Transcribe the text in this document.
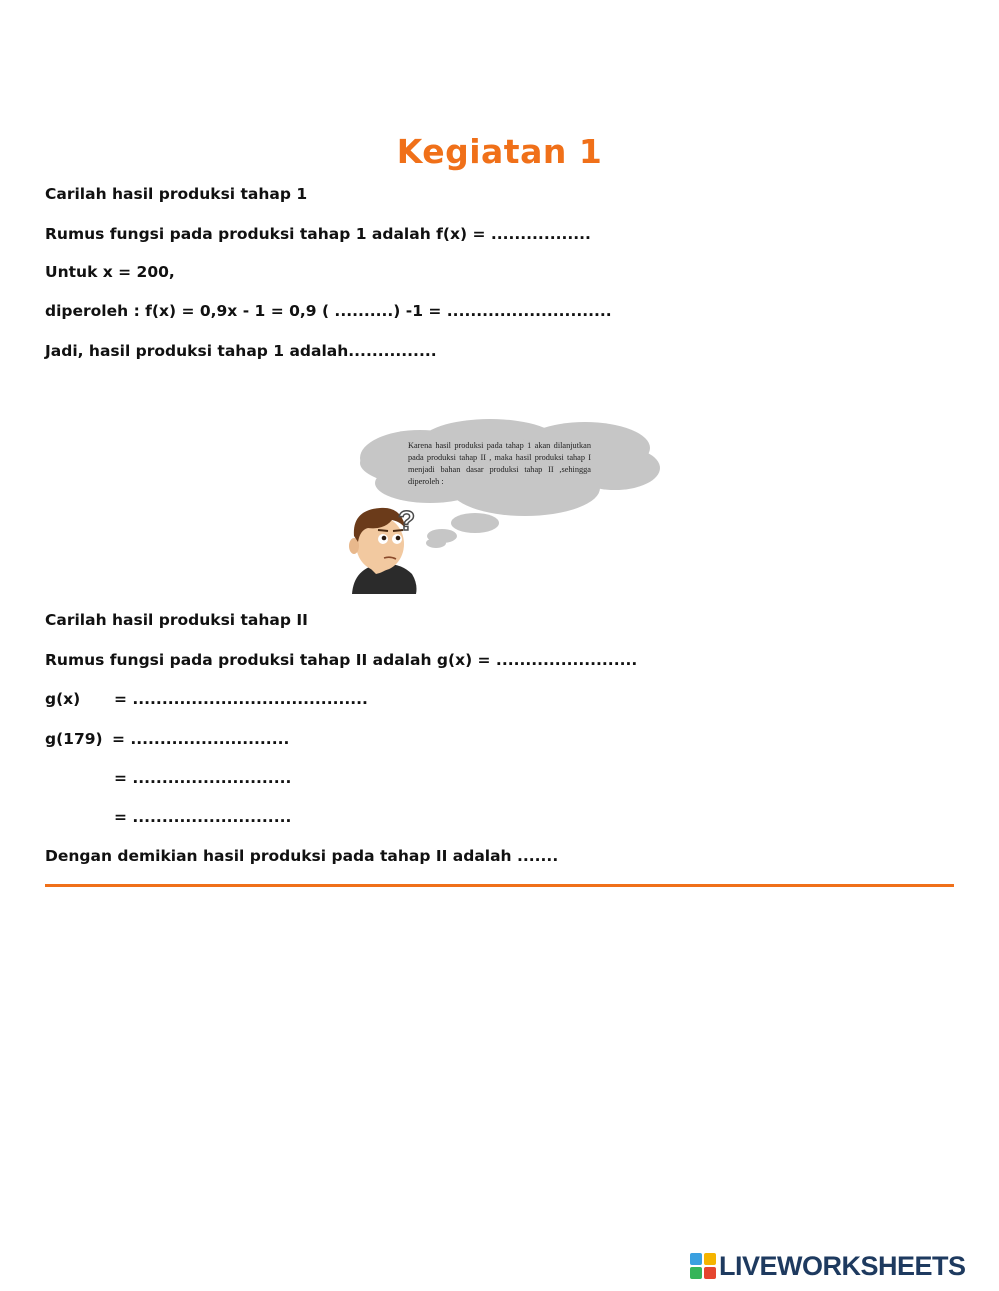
Kegiatan 1
Carilah hasil produksi tahap 1
Rumus fungsi pada produksi tahap 1 adalah f(x) = .................
Untuk x = 200,
diperoleh : f(x) = 0,9x - 1 = 0,9 ( ..........) -1 = ............................
Jadi, hasil produksi tahap 1 adalah...............
?
Karena hasil produksi pada tahap 1 akan dilanjutkan pada produksi tahap II , maka hasil produksi tahap I menjadi bahan dasar produksi tahap II ,sehingga diperoleh :
Carilah hasil produksi tahap II
Rumus fungsi pada produksi tahap II adalah g(x) = ........................
g(x) = ........................................
g(179) = ...........................
= ...........................
= ...........................
Dengan demikian hasil produksi pada tahap II adalah .......
LIVEWORKSHEETS
